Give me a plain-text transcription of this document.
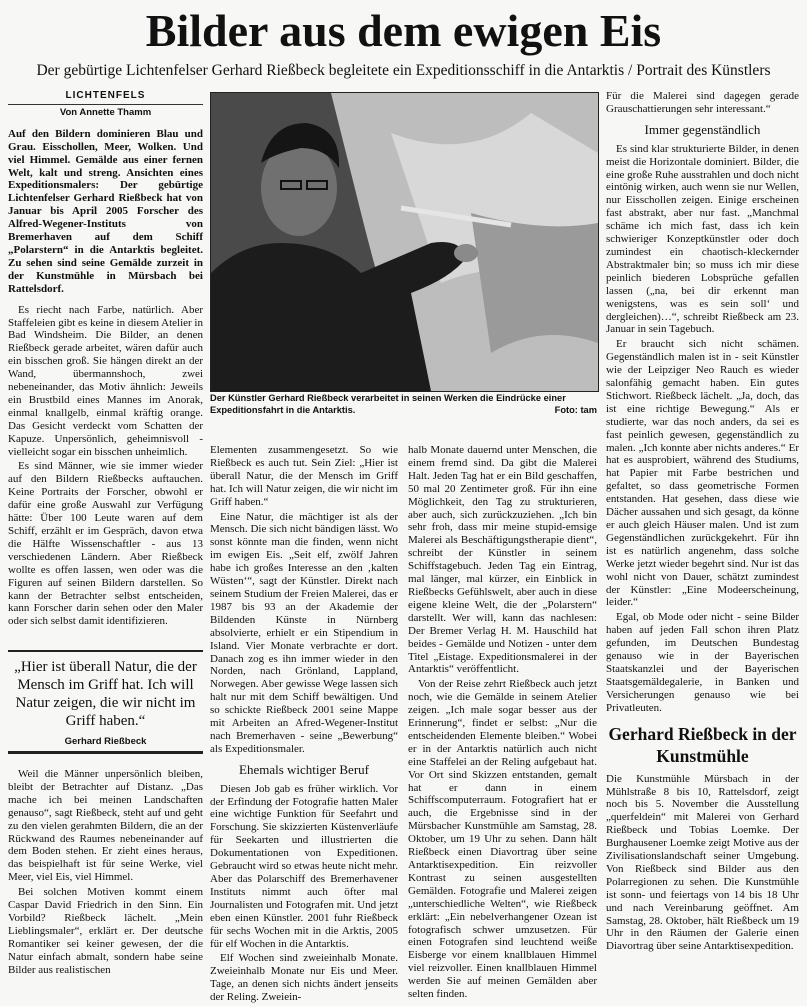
Bilder aus dem ewigen Eis
Der gebürtige Lichtenfelser Gerhard Rießbeck begleitete ein Expeditionsschiff in die Antarktis / Portrait des Künstlers
LICHTENFELS
Von Annette Thamm

Auf den Bildern dominieren Blau und Grau. Eisschollen, Meer, Wolken. Und viel Himmel. Gemälde aus einer fernen Welt, kalt und streng. Ansichten eines Expeditionsmalers: Der gebürtige Lichtenfelser Gerhard Rießbeck hat von Januar bis April 2005 Forscher des Alfred-Wegener-Instituts von Bremerhaven auf dem Schiff „Polarstern“ in die Antarktis begleitet. Zu sehen sind seine Gemälde zurzeit in der Kunstmühle in Mürsbach bei Rattelsdorf.

Es riecht nach Farbe, natürlich. Aber Staffeleien gibt es keine in diesem Atelier in Bad Windsheim. Die Bilder, an denen Rießbeck gerade arbeitet, wären dafür auch ein bisschen groß. Sie hängen direkt an der Wand, übermannshoch, zwei nebeneinander, das Motiv ähnlich: Jeweils ein Brustbild eines Mannes im Anorak, einmal knallgelb, einmal kräftig orange. Das Gesicht verdeckt vom Schatten der Kapuze. Unpersönlich, geheimnisvoll - vielleicht sogar ein bisschen unheimlich.

Es sind Männer, wie sie immer wieder auf den Bildern Rießbecks auftauchen. Keine Portraits der Forscher, obwohl er dafür eine große Auswahl zur Verfügung hätte: Über 100 Leute waren auf dem Schiff, erzählt er im Gespräch, davon etwa die Hälfte Wissenschaftler - aus 13 verschiedenen Ländern. Aber Rießbeck wollte es offen lassen, wen oder was die Figuren auf seinen Bildern darstellen. So kann der Betrachter selbst entscheiden, kann Forscher darin sehen oder den Maler oder sich selbst damit identifizieren.

„Hier ist überall Natur, die der Mensch im Griff hat. Ich will Natur zeigen, die wir nicht im Griff haben.“
Gerhard Rießbeck

Weil die Männer unpersönlich bleiben, bleibt der Betrachter auf Distanz. „Das mache ich bei meinen Landschaften genauso“, sagt Rießbeck, steht auf und geht zu den vielen gerahmten Bildern, die an der Rückwand des Raumes nebeneinander auf dem Boden stehen. Er zieht eines heraus, das beispielhaft ist für seine Werke, viel Meer, viel Eis, viel Himmel.

Bei solchen Motiven kommt einem Caspar David Friedrich in den Sinn. Ein Vorbild? Rießbeck lächelt. „Mein Lieblingsmaler“, erklärt er. Der deutsche Romantiker sei keiner gewesen, der die Natur einfach abmalt, sondern habe seine Bilder aus realistischen

Der Künstler Gerhard Rießbeck verarbeitet in seinen Werken die Eindrücke einer Expeditionsfahrt in die Antarktis.	Foto: tam

Elementen zusammengesetzt. So wie Rießbeck es auch tut. Sein Ziel: „Hier ist überall Natur, die der Mensch im Griff hat. Ich will Natur zeigen, die wir nicht im Griff haben.“

Eine Natur, die mächtiger ist als der Mensch. Die sich nicht bändigen lässt. Wo sonst könnte man die finden, wenn nicht im ewigen Eis. „Seit elf, zwölf Jahren habe ich großes Interesse an den ‚kalten Wüsten‘“, sagt der Künstler. Direkt nach seinem Studium der Freien Malerei, das er 1987 bis 93 an der Akademie der Bildenden Künste in Nürnberg absolvierte, erhielt er ein Stipendium in Island. Vier Monate verbrachte er dort. Danach zog es ihn immer wieder in den Norden, nach Grönland, Lappland, Norwegen. Aber gewisse Wege lassen sich halt nur mit dem Schiff bewältigen. Und so schickte Rießbeck 2001 seine Mappe mit Arbeiten an Afred-Wegener-Institut nach Bremerhaven - seine „Bewerbung“ als Expeditionsmaler.

Ehemals wichtiger Beruf

Diesen Job gab es früher wirklich. Vor der Erfindung der Fotografie hatten Maler eine wichtige Funktion für Seefahrt und Forschung. Sie skizzierten Küstenverläufe für Seekarten und illustrierten die Dokumentationen von Expeditionen. Gebraucht wird so etwas heute nicht mehr. Aber das Polarschiff des Bremerhavener Instituts nimmt auch öfter mal Journalisten und Fotografen mit. Und jetzt eben einen Künstler. 2001 fuhr Rießbeck für sechs Wochen mit in die Arktis, 2005 für elf Wochen in die Antarktis.

Elf Wochen sind zweieinhalb Monate. Zweieinhalb Monate nur Eis und Meer. Tage, an denen sich nichts ändert jenseits der Reling. Zweiein-

halb Monate dauernd unter Menschen, die einem fremd sind. Da gibt die Malerei Halt. Jeden Tag hat er ein Bild geschaffen, 50 mal 20 Zentimeter groß. Für ihn eine Möglichkeit, den Tag zu strukturieren, aber auch, sich zurückzuziehen. „Ich bin sehr froh, dass mir meine stupid-emsige Malerei als Beschäftigungstherapie dient“, schreibt der Künstler in seinem Schiffstagebuch. Jeden Tag ein Eintrag, mal länger, mal kürzer, ein Einblick in Rießbecks Gefühlswelt, aber auch in diese eigene kleine Welt, die der „Polarstern“ darstellt. Wer will, kann das nachlesen: Der Bremer Verlag H. M. Hauschild hat beides - Gemälde und Notizen - unter dem Titel „Eistage. Expeditionsmalerei in der Antarktis“ veröffentlicht.

Von der Reise zehrt Rießbeck auch jetzt noch, wie die Gemälde in seinem Atelier zeigen. „Ich male sogar besser aus der Erinnerung“, findet er selbst: „Nur die entscheidenden Elemente bleiben.“ Wobei er in der Antarktis natürlich auch nicht eine Staffelei an der Reling aufgebaut hat. Vor Ort sind Skizzen entstanden, gemalt hat er dann in einem Schiffscomputerraum. Fotografiert hat er auch, die Ergebnisse sind in der Mürsbacher Kunstmühle am Samstag, 28. Oktober, um 19 Uhr zu sehen. Dann hält Rießbeck einen Diavortrag über seine Antarktisexpedition. Ein reizvoller Kontrast zu seinen ausgestellten Gemälden. Fotografie und Malerei zeigen „unterschiedliche Welten“, wie Rießbeck erklärt: „Ein nebelverhangener Ozean ist fotografisch schwer umzusetzen. Für einen Fotografen sind leuchtend weiße Eisberge vor einem knallblauen Himmel viel reizvoller. Einen knallblauen Himmel werden Sie auf meinen Gemälden aber selten finden.

Für die Malerei sind dagegen gerade Grauschattierungen sehr interessant.“

Immer gegenständlich

Es sind klar strukturierte Bilder, in denen meist die Horizontale dominiert. Bilder, die eine große Ruhe ausstrahlen und doch nicht eintönig wirken, auch wenn sie nur Wellen, nur Eisschollen zeigen. Einige erscheinen fast abstrakt, aber nur fast. „Manchmal schäme ich mich fast, dass ich kein schwieriger Konzeptkünstler oder doch zumindest ein chaotisch-kleckernder Abstraktmaler bin; so muss ich mir diese peinlich biederen Lobsprüche gefallen lassen („na, bei dir erkennt man wenigstens, was es sein soll‘ und dergleichen)…“, schreibt Rießbeck am 23. Januar in sein Tagebuch.

Er braucht sich nicht schämen. Gegenständlich malen ist in - seit Künstler wie der Leipziger Neo Rauch es wieder salonfähig gemacht haben. Ein gutes Stichwort. Rießbeck lächelt. „Ja, doch, das ist eine richtige Bewegung.“ Als er studierte, war das noch anders, da sei es fast peinlich gewesen, gegenständlich zu malen. „Ich konnte aber nichts anderes.“ Er hat es ausprobiert, während des Studiums, hat Papier mit Farbe bestrichen und gefaltet, so dass geometrische Formen entstanden. Hat gesehen, dass diese wie Dächer aussahen und sich gesagt, da könne er auch gleich Häuser malen. Und ist zum Gegenständlichen zurückgekehrt. Für ihn ist es natürlich angenehm, dass solche Werke jetzt wieder begehrt sind. Nur ist das wohl nicht von Dauer, schätzt zumindest der Künstler: „Eine Modeerscheinung, leider.“

Egal, ob Mode oder nicht - seine Bilder haben auf jeden Fall schon ihren Platz gefunden, im Deutschen Bundestag genauso wie in der Bayerischen Staatskanzlei und der Bayerischen Staatsgemäldegalerie, in Banken und Versicherungen genauso wie bei Privatleuten.

Gerhard Rießbeck in der Kunstmühle

Die Kunstmühle Mürsbach in der Mühlstraße 8 bis 10, Rattelsdorf, zeigt noch bis 5. November die Ausstellung „querfeldein“ mit Malerei von Gerhard Rießbeck und Tobias Loemke. Der Burghausener Loemke zeigt Motive aus der Zivilisationslandschaft seiner Umgebung. Von Rießbeck sind Bilder aus den Polarregionen zu sehen. Die Kunstmühle ist sonn- und feiertags von 14 bis 18 Uhr und nach Vereinbarung geöffnet. Am Samstag, 28. Oktober, hält Rießbeck um 19 Uhr in den Räumen der Galerie einen Diavortrag über seine Antarktisexpedition.
